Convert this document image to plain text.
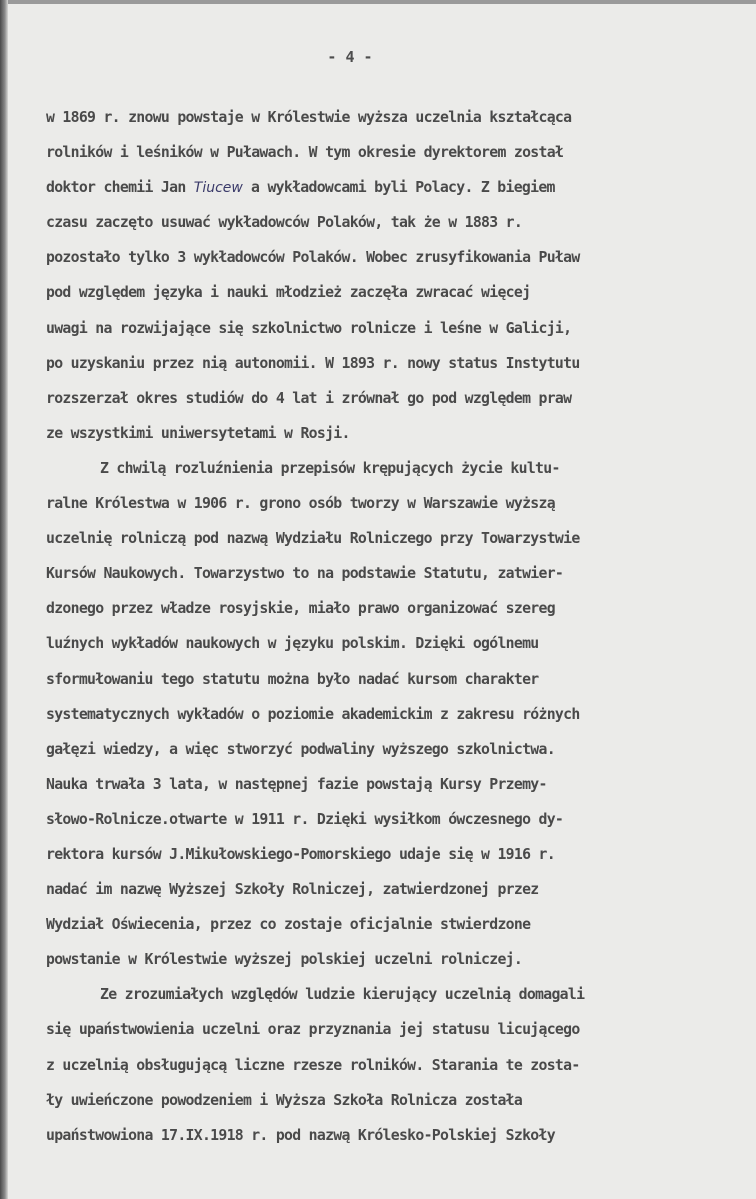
- 4 -
w 1869 r. znowu powstaje w Królestwie wyższa uczelnia kształcąca
rolników i leśników w Puławach. W tym okresie dyrektorem został
doktor chemii Jan Tiuсеw a wykładowcami byli Polacy. Z biegiem
czasu zaczęto usuwać wykładowców Polaków, tak że w 1883 r.
pozostało tylko 3 wykładowców Polaków. Wobec zrusyfikowania Puław
pod względem języka i nauki młodzież zaczęła zwracać więcej
uwagi na rozwijające się szkolnictwo rolnicze i leśne w Galicji,
po uzyskaniu przez nią autonomii. W 1893 r. nowy status Instytutu
rozszerzał okres studiów do 4 lat i zrównał go pod względem praw
ze wszystkimi uniwersytetami w Rosji.
Z chwilą rozluźnienia przepisów krępujących życie kultu-
ralne Królestwa w 1906 r. grono osób tworzy w Warszawie wyższą
uczelnię rolniczą pod nazwą Wydziału Rolniczego przy Towarzystwie
Kursów Naukowych. Towarzystwo to na podstawie Statutu, zatwier-
dzonego przez władze rosyjskie, miało prawo organizować szereg
luźnych wykładów naukowych w języku polskim. Dzięki ogólnemu
sformułowaniu tego statutu można było nadać kursom charakter
systematycznych wykładów o poziomie akademickim z zakresu różnych
gałęzi wiedzy, a więc stworzyć podwaliny wyższego szkolnictwa.
Nauka trwała 3 lata, w następnej fazie powstają Kursy Przemy-
słowo-Rolnicze.otwarte w 1911 r. Dzięki wysiłkom ówczesnego dy-
rektora kursów J.Mikułowskiego-Pomorskiego udaje się w 1916 r.
nadać im nazwę Wyższej Szkoły Rolniczej, zatwierdzonej przez
Wydział Oświecenia, przez co zostaje oficjalnie stwierdzone
powstanie w Królestwie wyższej polskiej uczelni rolniczej.
Ze zrozumiałych względów ludzie kierujący uczelnią domagali
się upaństwowienia uczelni oraz przyznania jej statusu licującego
z uczelnią obsługującą liczne rzesze rolników. Starania te zosta-
ły uwieńczone powodzeniem i Wyższa Szkoła Rolnicza została
upaństwowiona 17.IX.1918 r. pod nazwą Królesko-Polskiej Szkoły
